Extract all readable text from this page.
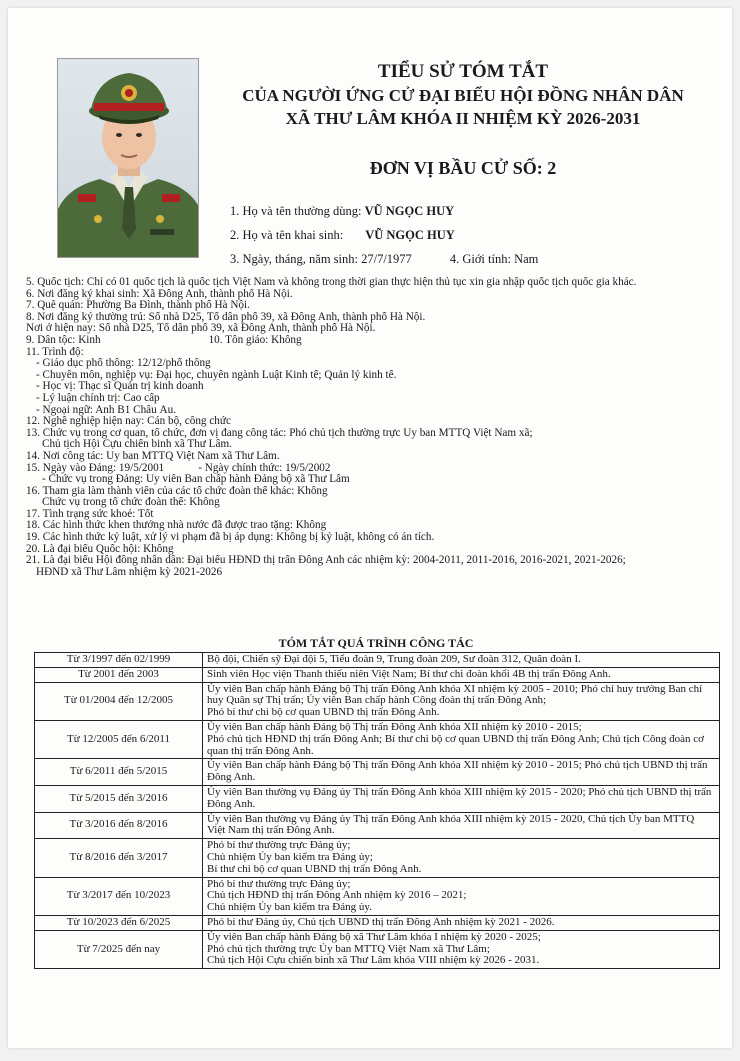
TIỂU SỬ TÓM TẮT
CỦA NGƯỜI ỨNG CỬ ĐẠI BIỂU HỘI ĐỒNG NHÂN DÂN
XÃ THƯ LÂM KHÓA II NHIỆM KỲ 2026-2031
ĐƠN VỊ BẦU CỬ SỐ: 2
1. Họ và tên thường dùng: VŨ NGỌC HUY
2. Họ và tên khai sinh: VŨ NGỌC HUY
3. Ngày, tháng, năm sinh: 27/7/1977	4. Giới tính: Nam
5. Quốc tịch: Chỉ có 01 quốc tịch là quốc tịch Việt Nam và không trong thời gian thực hiện thủ tục xin gia nhập quốc tịch quốc gia khác.
6. Nơi đăng ký khai sinh: Xã Đông Anh, thành phố Hà Nội.
7. Quê quán: Phường Ba Đình, thành phố Hà Nội.
8. Nơi đăng ký thường trú: Số nhà D25, Tổ dân phố 39, xã Đông Anh, thành phố Hà Nội.
Nơi ở hiện nay: Số nhà D25, Tổ dân phố 39, xã Đông Anh, thành phố Hà Nội.
9. Dân tộc: Kinh	10. Tôn giáo: Không
11. Trình độ:
- Giáo dục phổ thông: 12/12/phổ thông
- Chuyên môn, nghiệp vụ: Đại học, chuyên ngành Luật Kinh tế; Quản lý kinh tế.
- Học vị: Thạc sĩ Quản trị kinh doanh
- Lý luận chính trị: Cao cấp
- Ngoại ngữ: Anh B1 Châu Âu.
12. Nghề nghiệp hiện nay: Cán bộ, công chức
13. Chức vụ trong cơ quan, tổ chức, đơn vị đang công tác: Phó chủ tịch thường trực Ủy ban MTTQ Việt Nam xã;
Chủ tịch Hội Cựu chiến binh xã Thư Lâm.
14. Nơi công tác: Ủy ban MTTQ Việt Nam xã Thư Lâm.
15. Ngày vào Đảng: 19/5/2001	- Ngày chính thức: 19/5/2002
- Chức vụ trong Đảng: Ủy viên Ban chấp hành Đảng bộ xã Thư Lâm
16. Tham gia làm thành viên của các tổ chức đoàn thể khác: Không
Chức vụ trong tổ chức đoàn thể: Không
17. Tình trạng sức khoẻ: Tốt
18. Các hình thức khen thưởng nhà nước đã được trao tặng: Không
19. Các hình thức kỷ luật, xử lý vi phạm đã bị áp dụng: Không bị kỷ luật, không có án tích.
20. Là đại biểu Quốc hội: Không
21. Là đại biểu Hội đồng nhân dân: Đại biểu HĐND thị trấn Đông Anh các nhiệm kỳ: 2004-2011, 2011-2016, 2016-2021, 2021-2026;
HĐND xã Thư Lâm nhiệm kỳ 2021-2026
TÓM TẮT QUÁ TRÌNH CÔNG TÁC
Từ 3/1997 đến 02/1999	Bộ đội, Chiến sỹ Đại đội 5, Tiểu đoàn 9, Trung đoàn 209, Sư đoàn 312, Quân đoàn I.

Từ 2001 đến 2003	Sinh viên Học viện Thanh thiếu niên Việt Nam; Bí thư chi đoàn khối 4B thị trấn Đông Anh.

Từ 01/2004 đến 12/2005	Ủy viên Ban chấp hành Đảng bộ Thị trấn Đông Anh khóa XI nhiệm kỳ 2005 - 2010; Phó chỉ huy trưởng Ban chỉ huy Quân sự Thị trấn; Ủy viên Ban chấp hành Công đoàn thị trấn Đông Anh;
Phó bí thư chi bộ cơ quan UBND thị trấn Đông Anh.

Từ 12/2005 đến 6/2011	Ủy viên Ban chấp hành Đảng bộ Thị trấn Đông Anh khóa XII nhiệm kỳ 2010 - 2015;
Phó chủ tịch HĐND thị trấn Đông Anh; Bí thư chi bộ cơ quan UBND thị trấn Đông Anh; Chủ tịch Công đoàn cơ quan thị trấn Đông Anh.

Từ 6/2011 đến 5/2015	Ủy viên Ban chấp hành Đảng bộ Thị trấn Đông Anh khóa XII nhiệm kỳ 2010 - 2015; Phó chủ tịch UBND thị trấn Đông Anh.

Từ 5/2015 đến 3/2016	Ủy viên Ban thường vụ Đảng ủy Thị trấn Đông Anh khóa XIII nhiệm kỳ 2015 - 2020; Phó chủ tịch UBND thị trấn Đông Anh.

Từ 3/2016 đến 8/2016	Ủy viên Ban thường vụ Đảng ủy Thị trấn Đông Anh khóa XIII nhiệm kỳ 2015 - 2020, Chủ tịch Ủy ban MTTQ Việt Nam thị trấn Đông Anh.

Từ 8/2016 đến 3/2017	Phó bí thư thường trực Đảng ủy;
Chủ nhiệm Ủy ban kiểm tra Đảng ủy;
Bí thư chi bộ cơ quan UBND thị trấn Đông Anh.

Từ 3/2017 đến 10/2023	Phó bí thư thường trực Đảng ủy;
Chủ tịch HĐND thị trấn Đông Anh nhiệm kỳ 2016 – 2021;
Chủ nhiệm Ủy ban kiểm tra Đảng ủy.

Từ 10/2023 đến 6/2025	Phó bí thư Đảng ủy, Chủ tịch UBND thị trấn Đông Anh nhiệm kỳ 2021 - 2026.

Từ 7/2025 đến nay	Ủy viên Ban chấp hành Đảng bộ xã Thư Lâm khóa I nhiệm kỳ 2020 - 2025;
Phó chủ tịch thường trực Ủy ban MTTQ Việt Nam xã Thư Lâm;
Chủ tịch Hội Cựu chiến binh xã Thư Lâm khóa VIII nhiệm kỳ 2026 - 2031.
